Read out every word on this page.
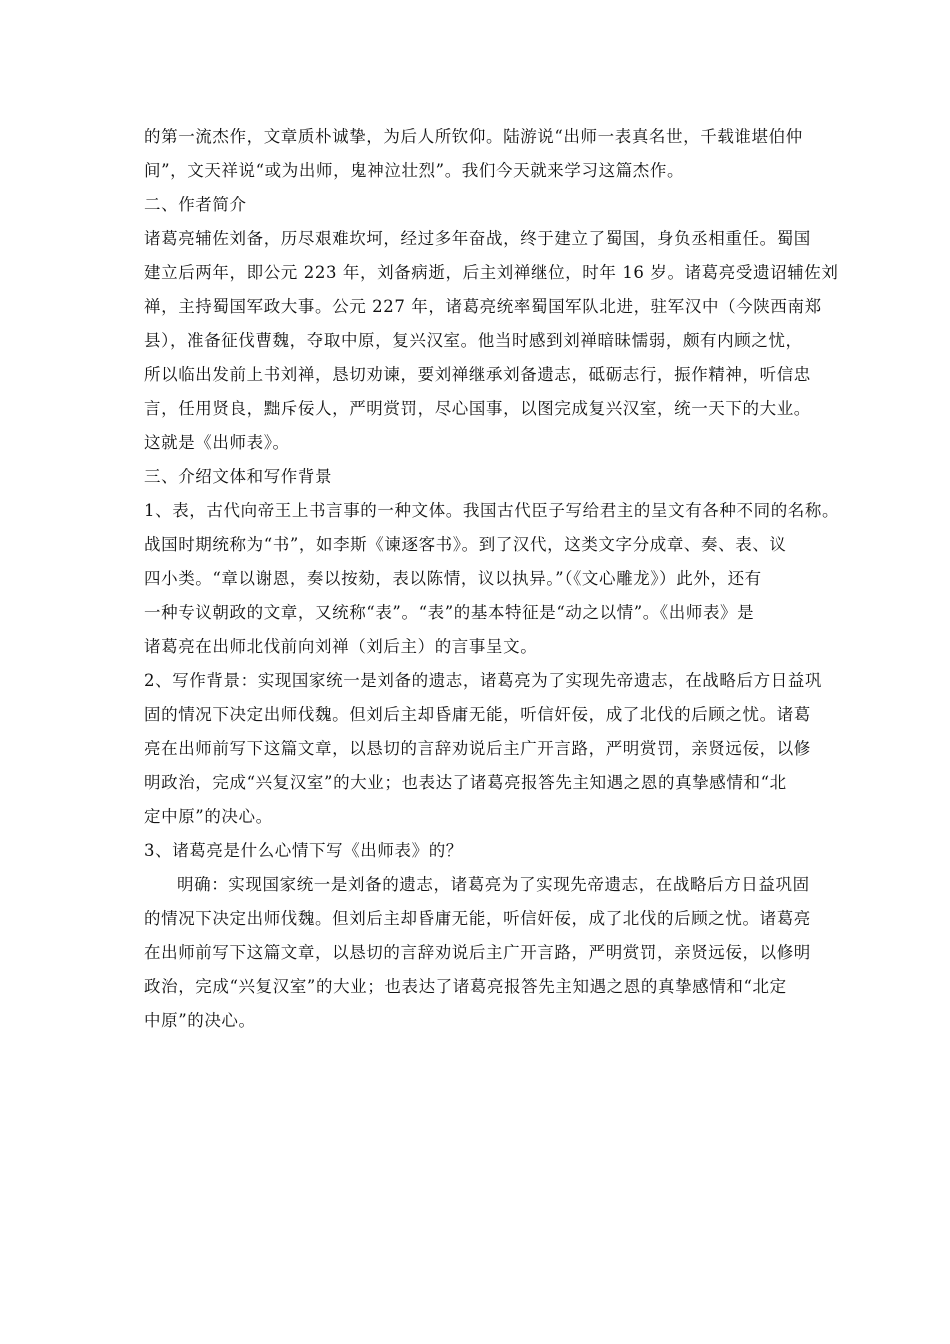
的第一流杰作，文章质朴诚挚，为后人所钦仰。陆游说“出师一表真名世，千载谁堪伯仲
间”，文天祥说“或为出师，鬼神泣壮烈”。我们今天就来学习这篇杰作。
二、作者简介
诸葛亮辅佐刘备，历尽艰难坎坷，经过多年奋战，终于建立了蜀国，身负丞相重任。蜀国
建立后两年，即公元 223 年，刘备病逝，后主刘禅继位，时年 16 岁。诸葛亮受遗诏辅佐刘
禅，主持蜀国军政大事。公元 227 年，诸葛亮统率蜀国军队北进，驻军汉中（今陕西南郑
县），准备征伐曹魏，夺取中原，复兴汉室。他当时感到刘禅暗昧懦弱，颇有内顾之忧，
所以临出发前上书刘禅，恳切劝谏，要刘禅继承刘备遗志，砥砺志行，振作精神，听信忠
言，任用贤良，黜斥佞人，严明赏罚，尽心国事，以图完成复兴汉室，统一天下的大业。
这就是《出师表》。
三、介绍文体和写作背景
1、表，古代向帝王上书言事的一种文体。我国古代臣子写给君主的呈文有各种不同的名称。
战国时期统称为“书”，如李斯《谏逐客书》。到了汉代，这类文字分成章、奏、表、议
四小类。“章以谢恩，奏以按劾，表以陈情，议以执异。”（《文心雕龙》）此外，还有
一种专议朝政的文章，又统称“表”。“表”的基本特征是“动之以情”。《出师表》是
诸葛亮在出师北伐前向刘禅（刘后主）的言事呈文。
2、写作背景：实现国家统一是刘备的遗志，诸葛亮为了实现先帝遗志，在战略后方日益巩
固的情况下决定出师伐魏。但刘后主却昏庸无能，听信奸佞，成了北伐的后顾之忧。诸葛
亮在出师前写下这篇文章，以恳切的言辞劝说后主广开言路，严明赏罚，亲贤远佞，以修
明政治，完成“兴复汉室”的大业；也表达了诸葛亮报答先主知遇之恩的真挚感情和“北
定中原”的决心。
3、诸葛亮是什么心情下写《出师表》的？
明确：实现国家统一是刘备的遗志，诸葛亮为了实现先帝遗志，在战略后方日益巩固
的情况下决定出师伐魏。但刘后主却昏庸无能，听信奸佞，成了北伐的后顾之忧。诸葛亮
在出师前写下这篇文章，以恳切的言辞劝说后主广开言路，严明赏罚，亲贤远佞，以修明
政治，完成“兴复汉室”的大业；也表达了诸葛亮报答先主知遇之恩的真挚感情和“北定
中原”的决心。
